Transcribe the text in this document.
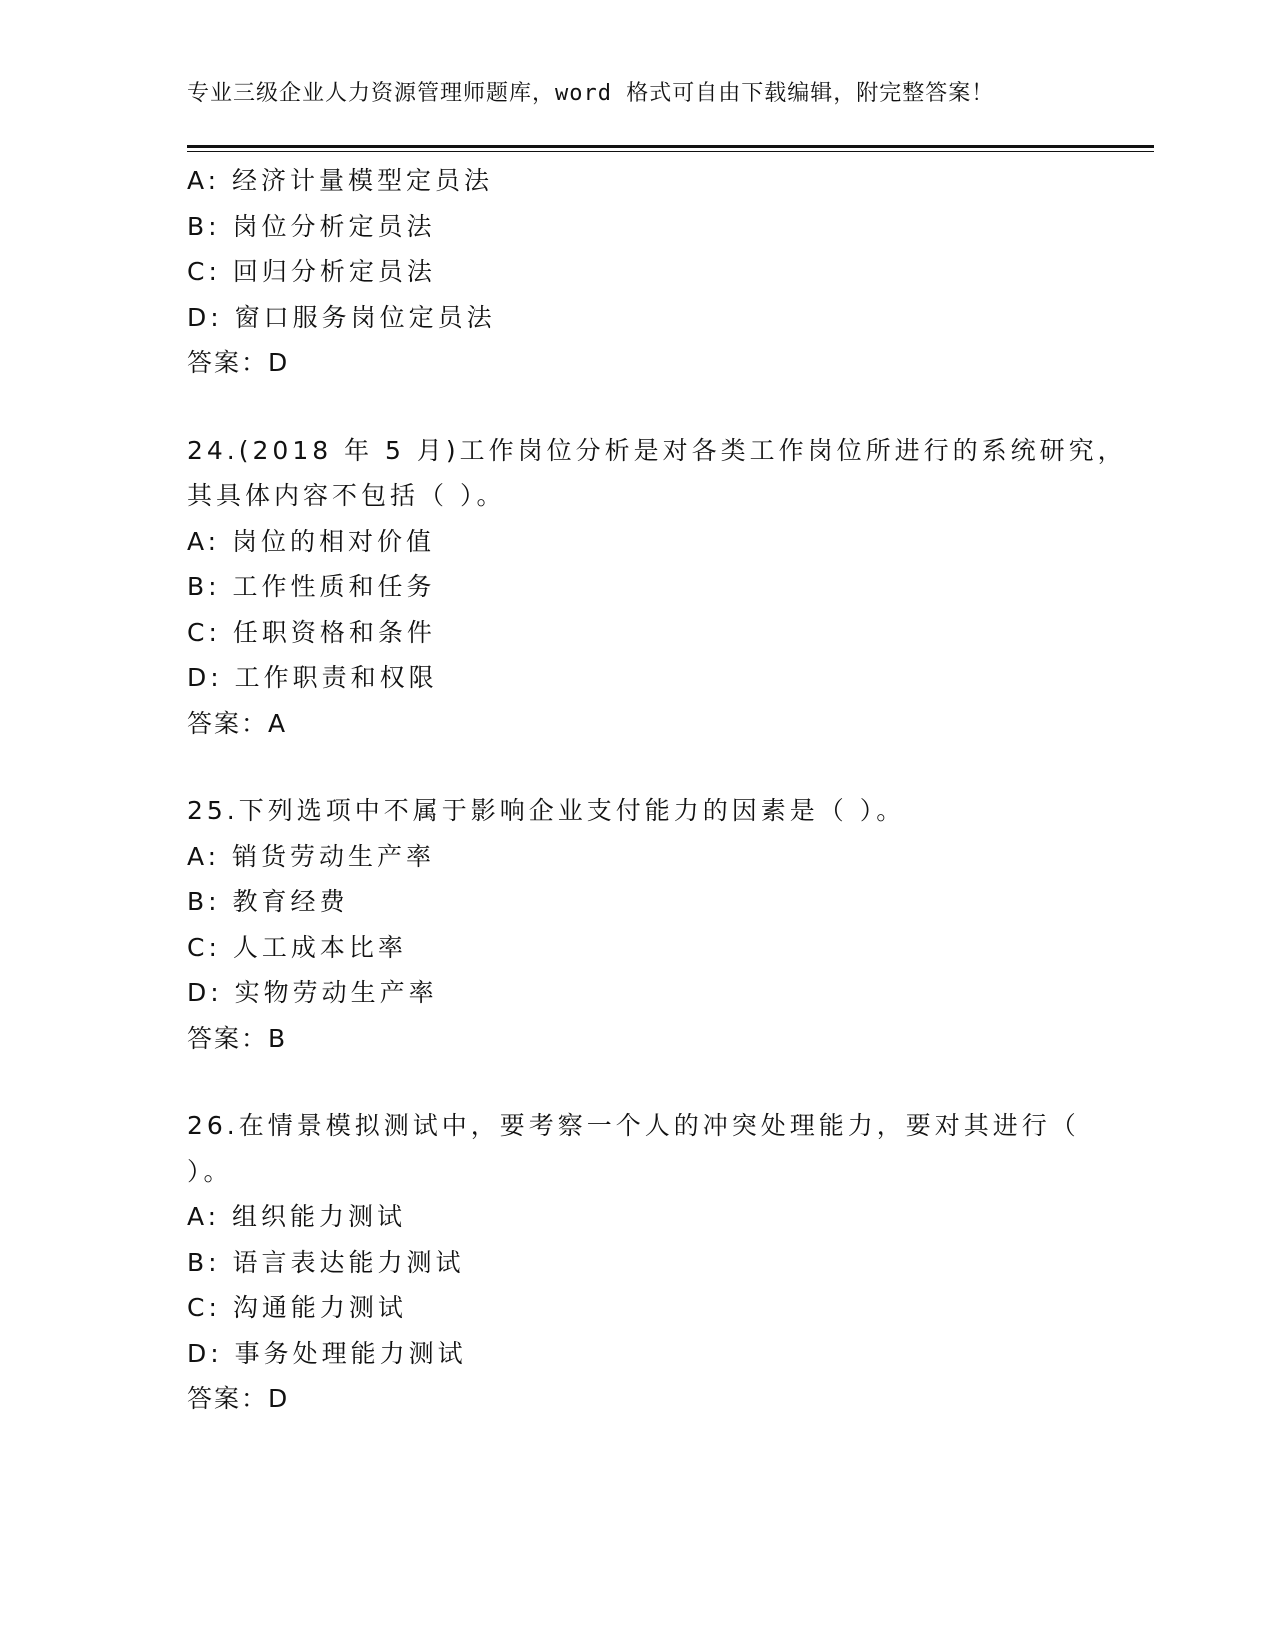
专业三级企业人力资源管理师题库，word 格式可自由下载编辑，附完整答案！
A: 经济计量模型定员法
B: 岗位分析定员法
C: 回归分析定员法
D: 窗口服务岗位定员法
答案：D
24.(2018 年 5 月)工作岗位分析是对各类工作岗位所进行的系统研究，
其具体内容不包括（ ）。
A: 岗位的相对价值
B: 工作性质和任务
C: 任职资格和条件
D: 工作职责和权限
答案：A
25.下列选项中不属于影响企业支付能力的因素是（ ）。
A: 销货劳动生产率
B: 教育经费
C: 人工成本比率
D: 实物劳动生产率
答案：B
26.在情景模拟测试中，要考察一个人的冲突处理能力，要对其进行（
）。
A: 组织能力测试
B: 语言表达能力测试
C: 沟通能力测试
D: 事务处理能力测试
答案：D
